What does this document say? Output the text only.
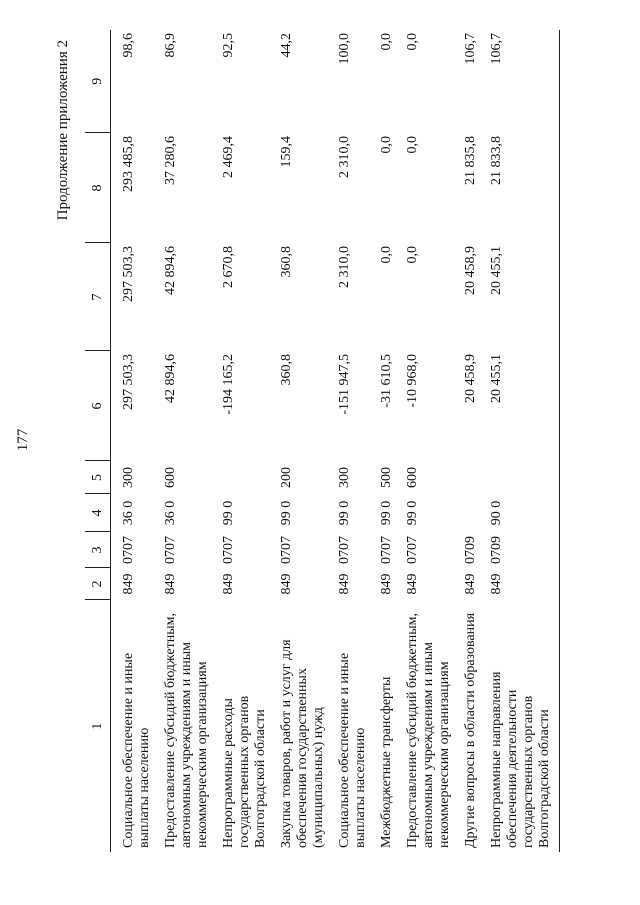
177
Продолжение приложения 2
1	2	3	4	5	6	7	8	9
Социальное обеспечение и иные выплаты населению	849	0707	36 0	300	297 503,3	297 503,3	293 485,8	98,6
Предоставление субсидий бюджетным, автономным учреждениям и иным некоммерческим организациям	849	0707	36 0	600	42 894,6	42 894,6	37 280,6	86,9
Непрограммные расходы государственных органов Волгоградской области	849	0707	99 0		-194 165,2	2 670,8	2 469,4	92,5
Закупка товаров, работ и услуг для обеспечения государственных (муниципальных) нужд	849	0707	99 0	200	360,8	360,8	159,4	44,2
Социальное обеспечение и иные выплаты населению	849	0707	99 0	300	-151 947,5	2 310,0	2 310,0	100,0
Межбюджетные трансферты	849	0707	99 0	500	-31 610,5	0,0	0,0	0,0
Предоставление субсидий бюджетным, автономным учреждениям и иным некоммерческим организациям	849	0707	99 0	600	-10 968,0	0,0	0,0	0,0
Другие вопросы в области образования	849	0709			20 458,9	20 458,9	21 835,8	106,7
Непрограммные направления обеспечения деятельности государственных органов Волгоградской области	849	0709	90 0		20 455,1	20 455,1	21 833,8	106,7
